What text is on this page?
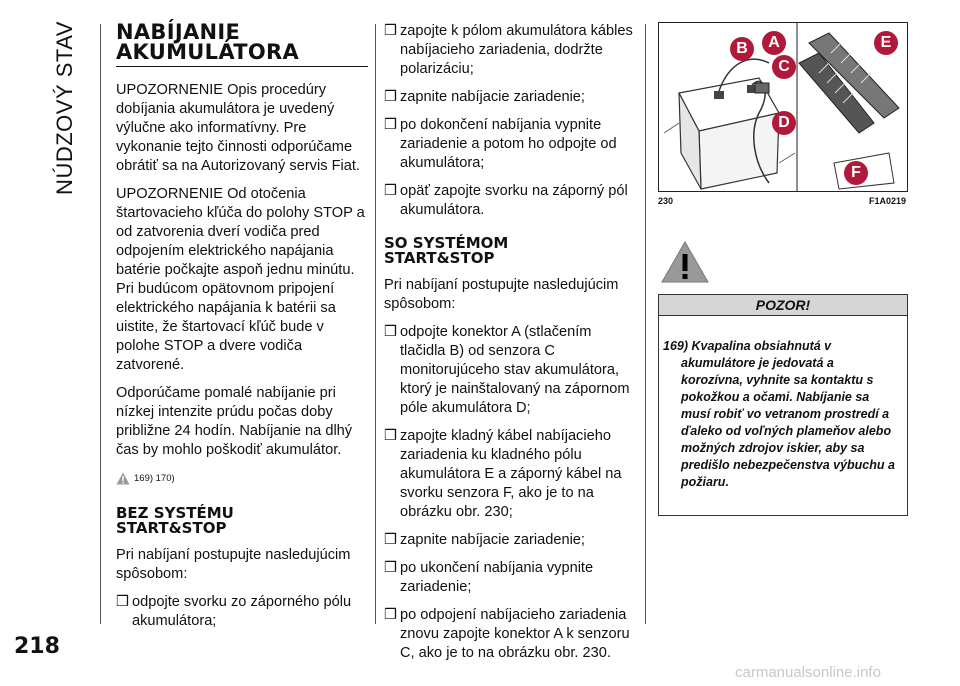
NÚDZOVÝ STAV
218
NABÍJANIE
AKUMULÁTORA

UPOZORNENIE Opis procedúry dobíjania akumulátora je uvedený výlučne ako informatívny. Pre vykonanie tejto činnosti odporúčame obrátiť sa na Autorizovaný servis Fiat.

UPOZORNENIE Od otočenia štartovacieho kľúča do polohy STOP a od zatvorenia dverí vodiča pred odpojením elektrického napájania batérie počkajte aspoň jednu minútu. Pri budúcom opätovnom pripojení elektrického napájania k batérii sa uistite, že štartovací kľúč bude v polohe STOP a dvere vodiča zatvorené.

Odporúčame pomalé nabíjanie pri nízkej intenzite prúdu počas doby približne 24 hodín. Nabíjanie na dlhý čas by mohlo poškodiť akumulátor.

169) 170)
BEZ SYSTÉMU
START&STOP

Pri nabíjaní postupujte nasledujúcim spôsobom:

❒ odpojte svorku zo záporného pólu akumulátora;
❒ zapojte k pólom akumulátora kábles nabíjacieho zariadenia, dodržte polarizáciu;
❒ zapnite nabíjacie zariadenie;
❒ po dokončení nabíjania vypnite zariadenie a potom ho odpojte od akumulátora;
❒ opäť zapojte svorku na záporný pól akumulátora.
SO SYSTÉMOM
START&STOP

Pri nabíjaní postupujte nasledujúcim spôsobom:

❒ odpojte konektor A (stlačením tlačidla B) od senzora C monitorujúceho stav akumulátora, ktorý je nainštalovaný na zápornom póle akumulátora D;
❒ zapojte kladný kábel nabíjacieho zariadenia ku kladného pólu akumulátora E a záporný kábel na svorku senzora F, ako je to na obrázku obr. 230;
❒ zapnite nabíjacie zariadenie;
❒ po ukončení nabíjania vypnite zariadenie;
❒ po odpojení nabíjacieho zariadenia znovu zapojte konektor A k senzoru C, ako je to na obrázku obr. 230.
B	A
C
D
E
F
230	F1A0219
POZOR!
169) Kvapalina obsiahnutá v
akumulátore je jedovatá a korozívna, vyhnite sa kontaktu s pokožkou a očami. Nabíjanie sa musí robiť vo vetranom prostredí a ďaleko od voľných plameňov alebo možných zdrojov iskier, aby sa predišlo nebezpečenstva výbuchu a požiaru.
carmanualsonline.info
